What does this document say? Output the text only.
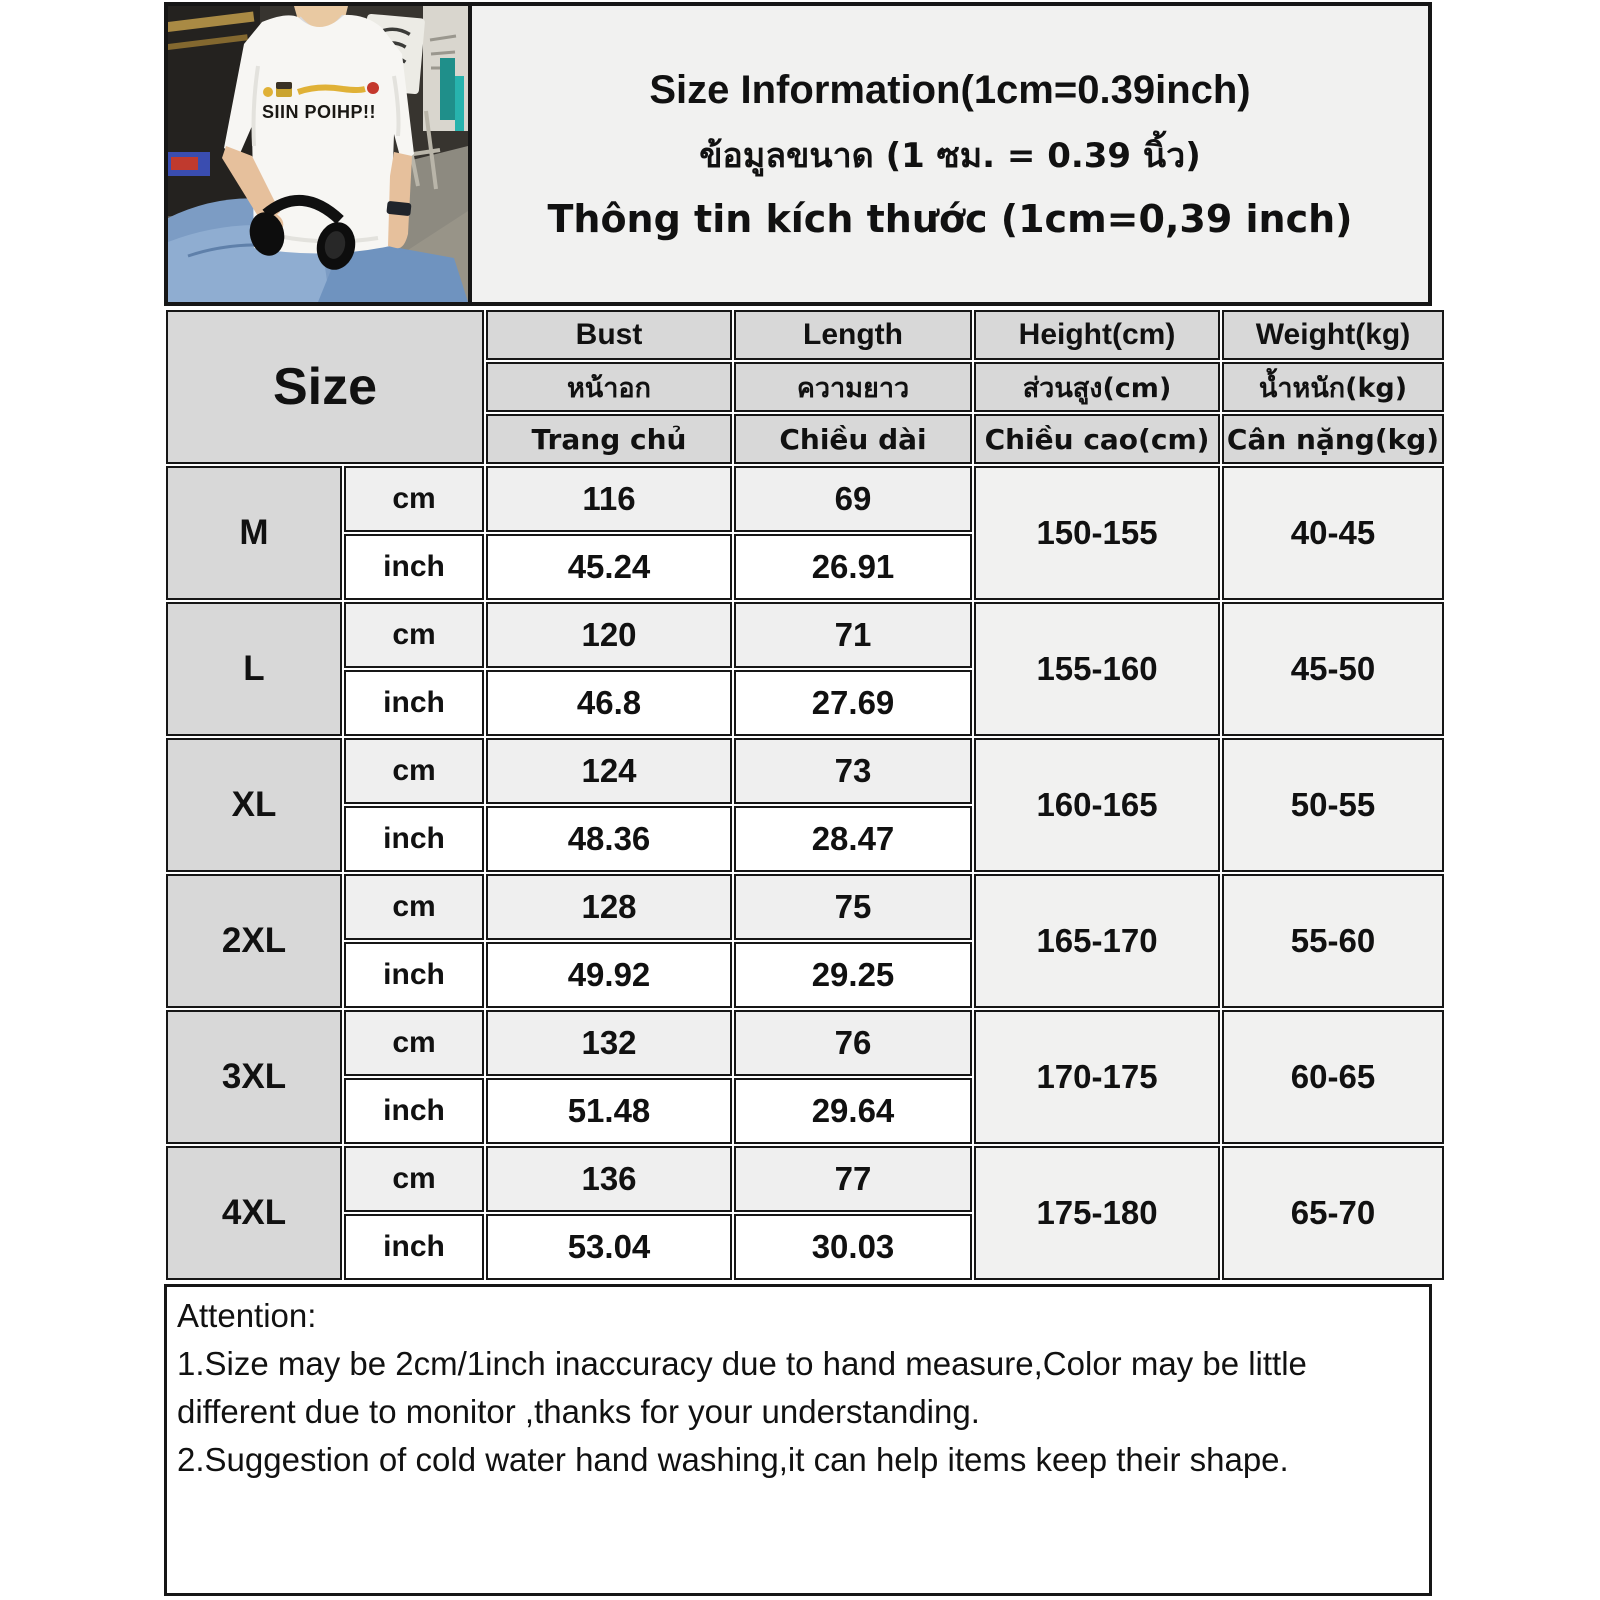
SIIN POIHP!!
Size Information(1cm=0.39inch)
ข้อมูลขนาด (1 ซม. = 0.39 นิ้ว)
Thông tin kích thước (1cm=0,39 inch)
Size		Bust	Length	Height(cm)	Weight(kg)
		หน้าอก	ความยาว	ส่วนสูง(cm)	น้ำหนัก(kg)
		Trang chủ	Chiều dài	Chiều cao(cm)	Cân nặng(kg)
M	cm	116	69	150-155	40-45
	inch	45.24	26.91		
L	cm	120	71	155-160	45-50
	inch	46.8	27.69		
XL	cm	124	73	160-165	50-55
	inch	48.36	28.47		
2XL	cm	128	75	165-170	55-60
	inch	49.92	29.25		
3XL	cm	132	76	170-175	60-65
	inch	51.48	29.64		
4XL	cm	136	77	175-180	65-70
	inch	53.04	30.03		
Attention:
1.Size may be 2cm/1inch inaccuracy due to hand measure,Color may be little different due to monitor ,thanks for your understanding.
2.Suggestion of cold water hand washing,it can help items keep their shape.
